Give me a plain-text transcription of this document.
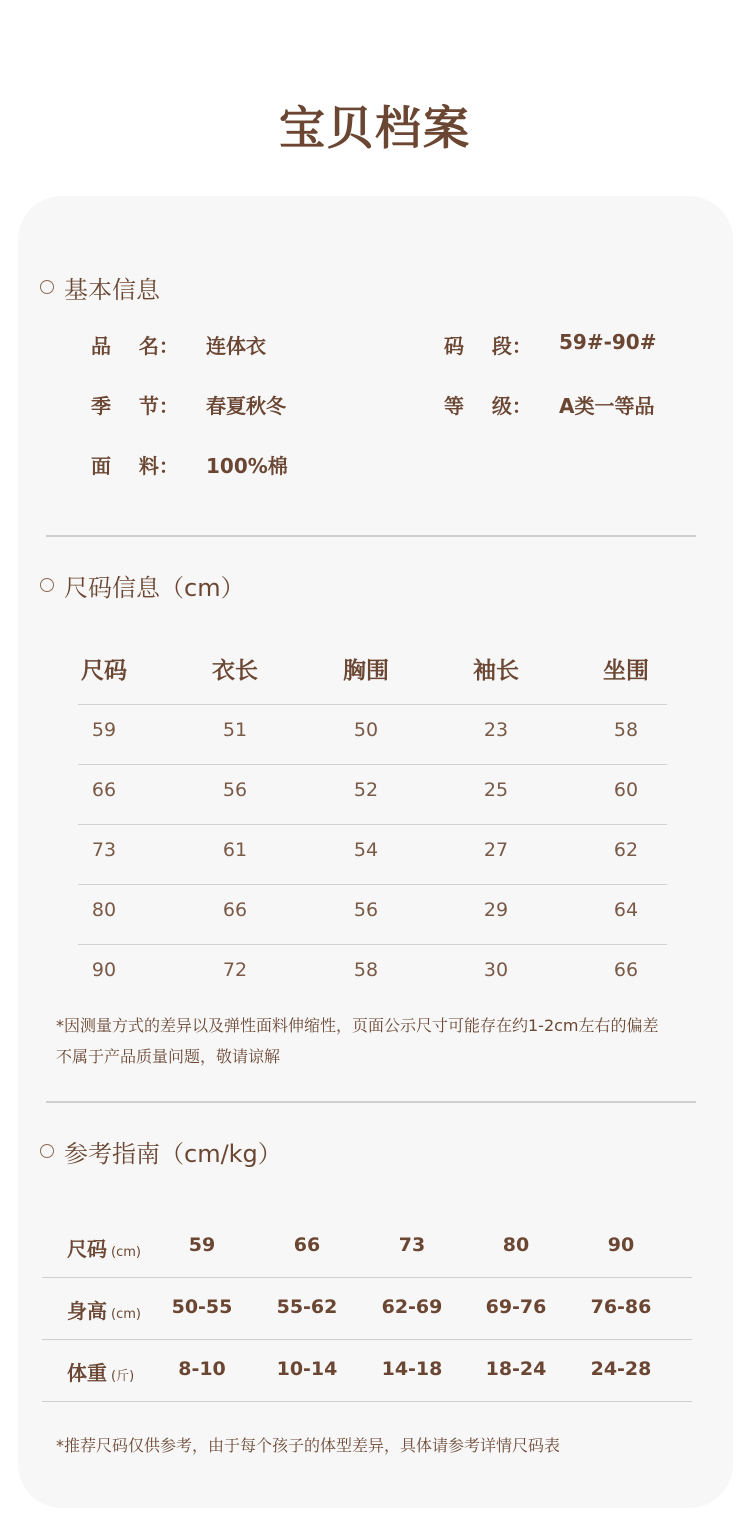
宝贝档案
基本信息
品    名： 连体衣	码    段： 59#-90#
季    节： 春夏秋冬	等    级： A类一等品
面    料： 100%棉
尺码信息（cm）
尺码	衣长	胸围	袖长	坐围
59	51	50	23	58
66	56	52	25	60
73	61	54	27	62
80	66	56	29	64
90	72	58	30	66
*因测量方式的差异以及弹性面料伸缩性，页面公示尺寸可能存在约1-2cm左右的偏差
不属于产品质量问题，敬请谅解
参考指南（cm/kg）
尺码 (cm)	59	66	73	80	90
身高 (cm)	50-55	55-62	62-69	69-76	76-86
体重 (斤)	8-10	10-14	14-18	18-24	24-28
*推荐尺码仅供参考，由于每个孩子的体型差异，具体请参考详情尺码表
